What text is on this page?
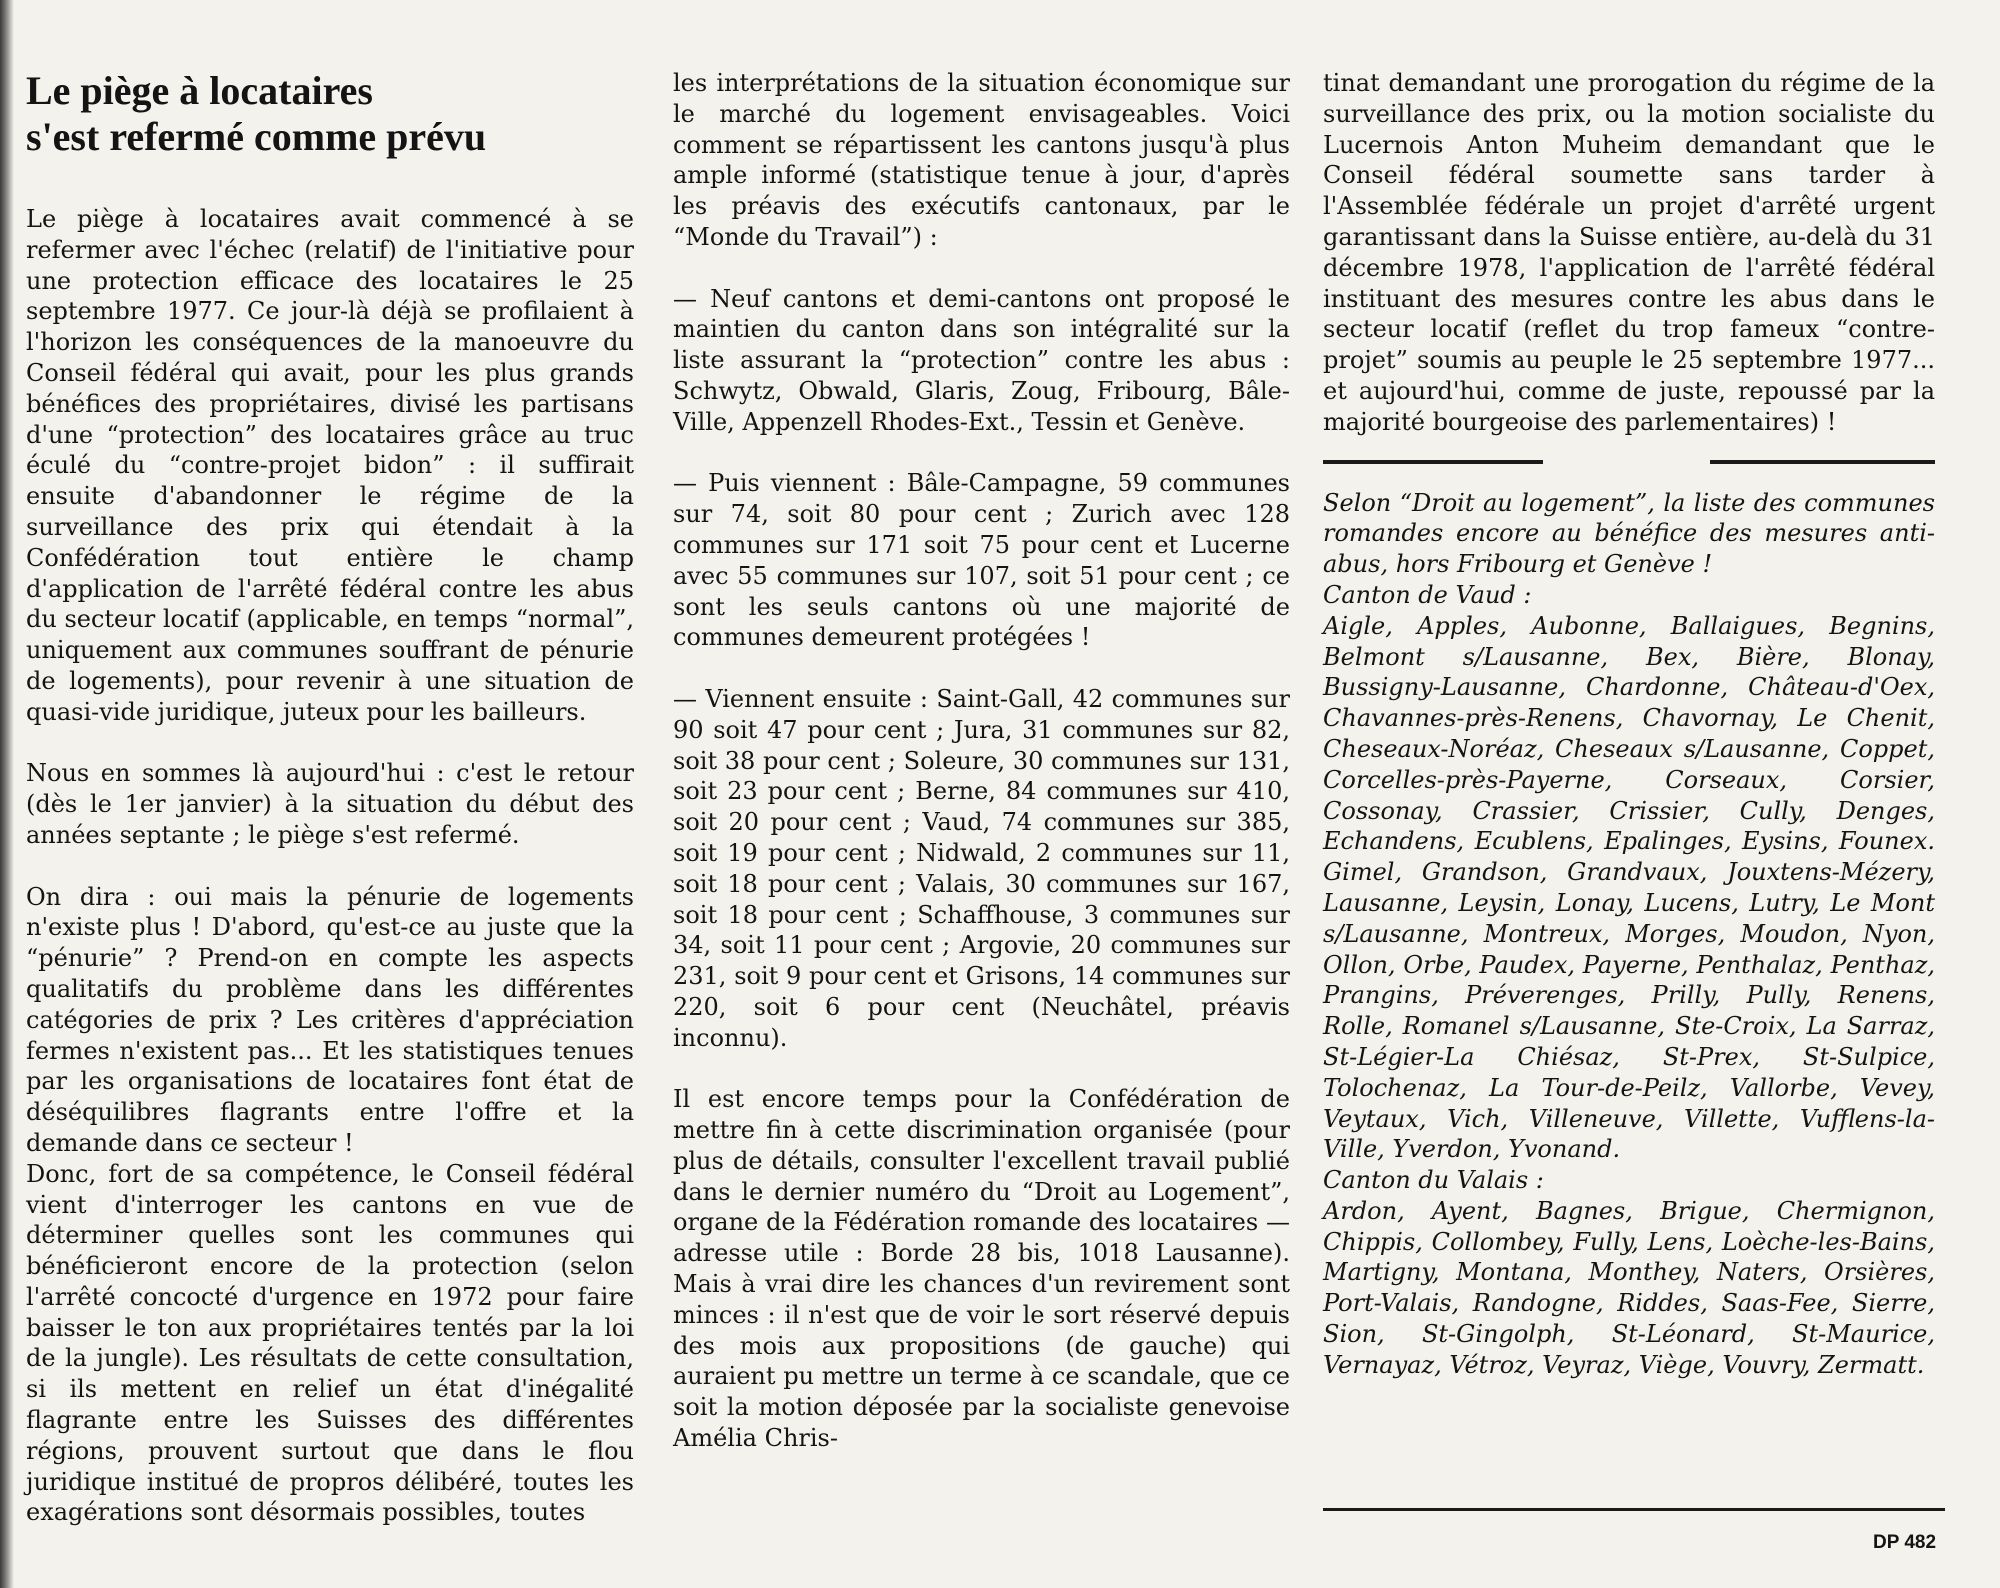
Le piège à locataires
s'est refermé comme prévu

Le piège à locataires avait commencé à se refermer avec l'échec (relatif) de l'initiative pour une protection efficace des locataires le 25 septembre 1977. Ce jour-là déjà se profilaient à l'horizon les conséquences de la manoeuvre du Conseil fédéral qui avait, pour les plus grands bénéfices des propriétaires, divisé les partisans d'une “protection” des locataires grâce au truc éculé du “contre-projet bidon” : il suffirait ensuite d'abandonner le régime de la surveillance des prix qui étendait à la Confédération tout entière le champ d'application de l'arrêté fédéral contre les abus du secteur locatif (applicable, en temps “normal”, uniquement aux communes souffrant de pénurie de logements), pour revenir à une situation de quasi-vide juridique, juteux pour les bailleurs.

Nous en sommes là aujourd'hui : c'est le retour (dès le 1er janvier) à la situation du début des années septante ; le piège s'est refermé.

On dira : oui mais la pénurie de logements n'existe plus ! D'abord, qu'est-ce au juste que la “pénurie” ? Prend-on en compte les aspects qualitatifs du problème dans les différentes catégories de prix ? Les critères d'appréciation fermes n'existent pas... Et les statistiques tenues par les organisations de locataires font état de déséquilibres flagrants entre l'offre et la demande dans ce secteur !

Donc, fort de sa compétence, le Conseil fédéral vient d'interroger les cantons en vue de déterminer quelles sont les communes qui bénéficieront encore de la protection (selon l'arrêté concocté d'urgence en 1972 pour faire baisser le ton aux propriétaires tentés par la loi de la jungle). Les résultats de cette consultation, si ils mettent en relief un état d'inégalité flagrante entre les Suisses des différentes régions, prouvent surtout que dans le flou juridique institué de propros délibéré, toutes les exagérations sont désormais possibles, toutes

les interprétations de la situation économique sur le marché du logement envisageables. Voici comment se répartissent les cantons jusqu'à plus ample informé (statistique tenue à jour, d'après les préavis des exécutifs cantonaux, par le “Monde du Travail”) :

— Neuf cantons et demi-cantons ont proposé le maintien du canton dans son intégralité sur la liste assurant la “protection” contre les abus : Schwytz, Obwald, Glaris, Zoug, Fribourg, Bâle-Ville, Appenzell Rhodes-Ext., Tessin et Genève.

— Puis viennent : Bâle-Campagne, 59 communes sur 74, soit 80 pour cent ; Zurich avec 128 communes sur 171 soit 75 pour cent et Lucerne avec 55 communes sur 107, soit 51 pour cent ; ce sont les seuls cantons où une majorité de communes demeurent protégées !

— Viennent ensuite : Saint-Gall, 42 communes sur 90 soit 47 pour cent ; Jura, 31 communes sur 82, soit 38 pour cent ; Soleure, 30 communes sur 131, soit 23 pour cent ; Berne, 84 communes sur 410, soit 20 pour cent ; Vaud, 74 communes sur 385, soit 19 pour cent ; Nidwald, 2 communes sur 11, soit 18 pour cent ; Valais, 30 communes sur 167, soit 18 pour cent ; Schaffhouse, 3 communes sur 34, soit 11 pour cent ; Argovie, 20 communes sur 231, soit 9 pour cent et Grisons, 14 communes sur 220, soit 6 pour cent (Neuchâtel, préavis inconnu).

Il est encore temps pour la Confédération de mettre fin à cette discrimination organisée (pour plus de détails, consulter l'excellent travail publié dans le dernier numéro du “Droit au Logement”, organe de la Fédération romande des locataires — adresse utile : Borde 28 bis, 1018 Lausanne). Mais à vrai dire les chances d'un revirement sont minces : il n'est que de voir le sort réservé depuis des mois aux propositions (de gauche) qui auraient pu mettre un terme à ce scandale, que ce soit la motion déposée par la socialiste genevoise Amélia Chris-

tinat demandant une prorogation du régime de la surveillance des prix, ou la motion socialiste du Lucernois Anton Muheim demandant que le Conseil fédéral soumette sans tarder à l'Assemblée fédérale un projet d'arrêté urgent garantissant dans la Suisse entière, au-delà du 31 décembre 1978, l'application de l'arrêté fédéral instituant des mesures contre les abus dans le secteur locatif (reflet du trop fameux “contre-projet” soumis au peuple le 25 septembre 1977... et aujourd'hui, comme de juste, repoussé par la majorité bourgeoise des parlementaires) !

Selon “Droit au logement”, la liste des communes romandes encore au bénéfice des mesures anti-abus, hors Fribourg et Genève !
Canton de Vaud :
Aigle, Apples, Aubonne, Ballaigues, Begnins, Belmont s/Lausanne, Bex, Bière, Blonay, Bussigny-Lausanne, Chardonne, Château-d'Oex, Chavannes-près-Renens, Chavornay, Le Chenit, Cheseaux-Noréaz, Cheseaux s/Lausanne, Coppet, Corcelles-près-Payerne, Corseaux, Corsier, Cossonay, Crassier, Crissier, Cully, Denges, Echandens, Ecublens, Epalinges, Eysins, Founex. Gimel, Grandson, Grandvaux, Jouxtens-Mézery, Lausanne, Leysin, Lonay, Lucens, Lutry, Le Mont s/Lausanne, Montreux, Morges, Moudon, Nyon, Ollon, Orbe, Paudex, Payerne, Penthalaz, Penthaz, Prangins, Préverenges, Prilly, Pully, Renens, Rolle, Romanel s/Lausanne, Ste-Croix, La Sarraz, St-Légier-La Chiésaz, St-Prex, St-Sulpice, Tolochenaz, La Tour-de-Peilz, Vallorbe, Vevey, Veytaux, Vich, Villeneuve, Villette, Vufflens-la-Ville, Yverdon, Yvonand.
Canton du Valais :
Ardon, Ayent, Bagnes, Brigue, Chermignon, Chippis, Collombey, Fully, Lens, Loèche-les-Bains, Martigny, Montana, Monthey, Naters, Orsières, Port-Valais, Randogne, Riddes, Saas-Fee, Sierre, Sion, St-Gingolph, St-Léonard, St-Maurice, Vernayaz, Vétroz, Veyraz, Viège, Vouvry, Zermatt.
DP 482
